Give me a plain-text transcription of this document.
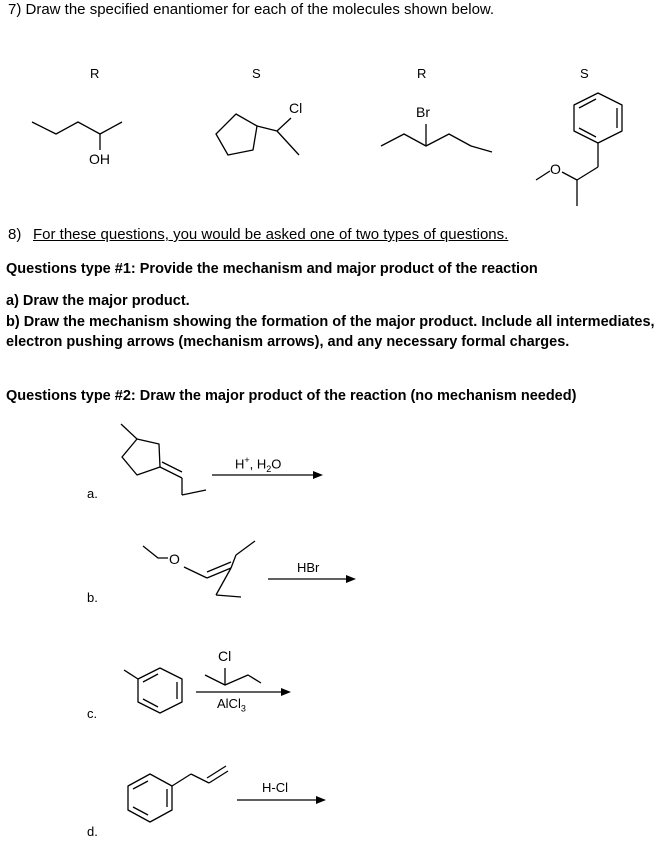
7) Draw the specified enantiomer for each of the molecules shown below.

R	S	R	S
OH
Cl	Br
O
8) For these questions, you would be asked one of two types of questions.

Questions type #1: Provide the mechanism and major product of the reaction

a) Draw the major product.

b) Draw the mechanism showing the formation of the major product. Include all intermediates,

electron pushing arrows (mechanism arrows), and any necessary formal charges.

Questions type #2: Draw the major product of the reaction (no mechanism needed)

a.
H+, $H_2O$
O
HBr
b.
Cl
AlCl$_3$
c.
H-Cl
d.
